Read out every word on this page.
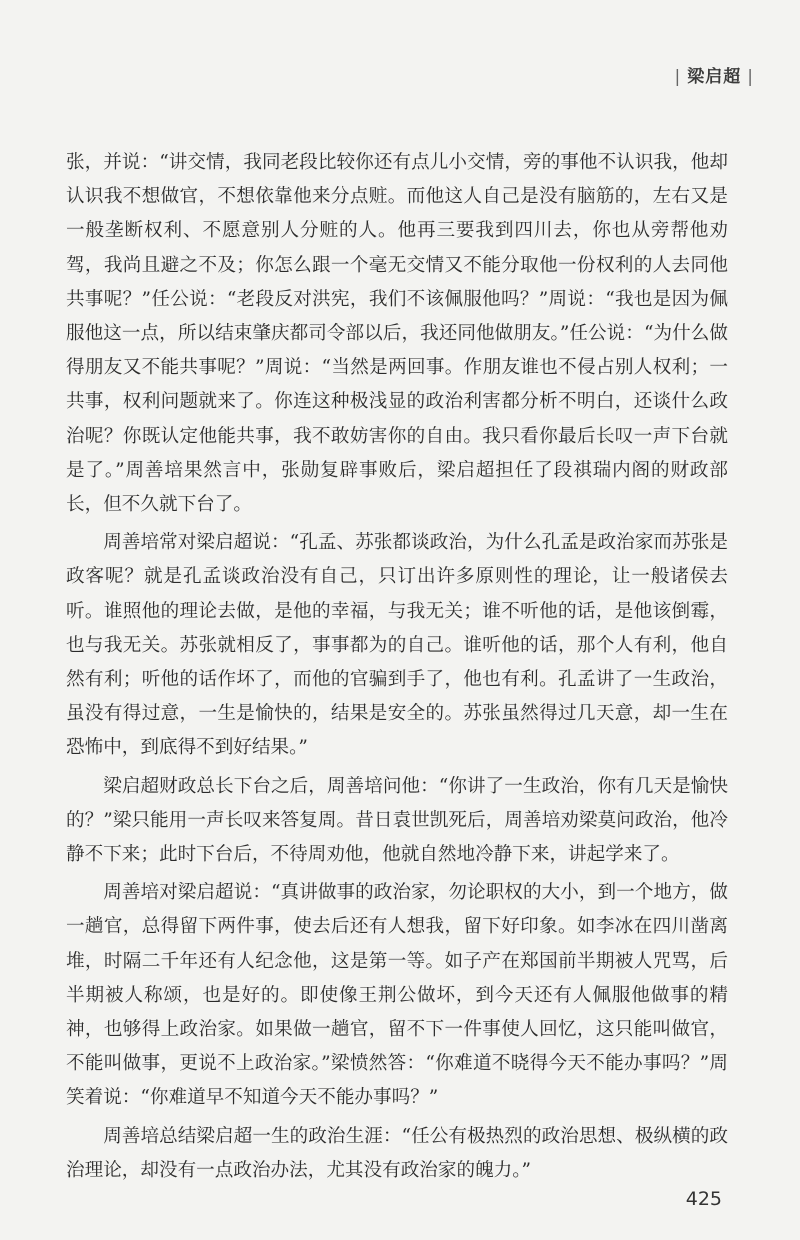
| 梁启超 |

张，并说：“讲交情，我同老段比较你还有点儿小交情，旁的事他不认识我，他却认识我不想做官，不想依靠他来分点赃。而他这人自己是没有脑筋的，左右又是一般垄断权利、不愿意别人分赃的人。他再三要我到四川去，你也从旁帮他劝驾，我尚且避之不及；你怎么跟一个毫无交情又不能分取他一份权利的人去同他共事呢？”任公说：“老段反对洪宪，我们不该佩服他吗？”周说：“我也是因为佩服他这一点，所以结束肇庆都司令部以后，我还同他做朋友。”任公说：“为什么做得朋友又不能共事呢？”周说：“当然是两回事。作朋友谁也不侵占别人权利；一共事，权利问题就来了。你连这种极浅显的政治利害都分析不明白，还谈什么政治呢？你既认定他能共事，我不敢妨害你的自由。我只看你最后长叹一声下台就是了。”周善培果然言中，张勋复辟事败后，梁启超担任了段祺瑞内阁的财政部长，但不久就下台了。

周善培常对梁启超说：“孔孟、苏张都谈政治，为什么孔孟是政治家而苏张是政客呢？就是孔孟谈政治没有自己，只订出许多原则性的理论，让一般诸侯去听。谁照他的理论去做，是他的幸福，与我无关；谁不听他的话，是他该倒霉，也与我无关。苏张就相反了，事事都为的自己。谁听他的话，那个人有利，他自然有利；听他的话作坏了，而他的官骗到手了，他也有利。孔孟讲了一生政治，虽没有得过意，一生是愉快的，结果是安全的。苏张虽然得过几天意，却一生在恐怖中，到底得不到好结果。”

梁启超财政总长下台之后，周善培问他：“你讲了一生政治，你有几天是愉快的？”梁只能用一声长叹来答复周。昔日袁世凯死后，周善培劝梁莫问政治，他冷静不下来；此时下台后，不待周劝他，他就自然地冷静下来，讲起学来了。

周善培对梁启超说：“真讲做事的政治家，勿论职权的大小，到一个地方，做一趟官，总得留下两件事，使去后还有人想我，留下好印象。如李冰在四川凿离堆，时隔二千年还有人纪念他，这是第一等。如子产在郑国前半期被人咒骂，后半期被人称颂，也是好的。即使像王荆公做坏，到今天还有人佩服他做事的精神，也够得上政治家。如果做一趟官，留不下一件事使人回忆，这只能叫做官，不能叫做事，更说不上政治家。”梁愤然答：“你难道不晓得今天不能办事吗？”周笑着说：“你难道早不知道今天不能办事吗？”

周善培总结梁启超一生的政治生涯：“任公有极热烈的政治思想、极纵横的政治理论，却没有一点政治办法，尤其没有政治家的魄力。”

425
